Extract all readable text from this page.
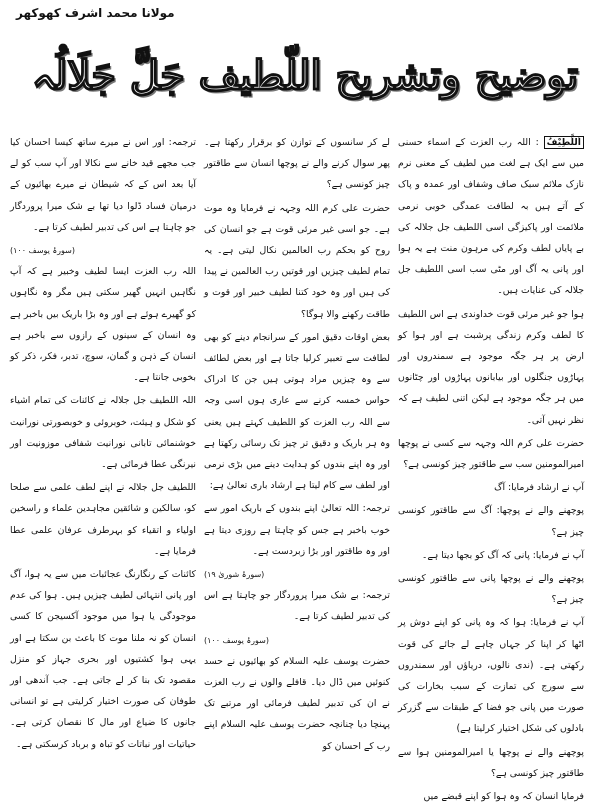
مولانا محمد اشرف کھوکھر
توضیح وتشریح اللّطیف جَلَّ جَلَالُہ

اَللَّطِیْفُ : اللہ رب العزت کے اسماء حسنی میں سے ایک ہے لغت میں لطیف کے معنی نرم نازک ملائم سبک صاف وشفاف اور عمدہ و پاک کے آتے ہیں بہ لطافت عمدگی خوبی نرمی ملائمت اور پاکیزگی اسی اللطیف جل جلالہ کی بے پایاں لطف وکرم کی مرہون منت ہے یہ ہوا اور پانی یہ آگ اور مٹی سب اسی اللطیف جل جلالہ کی عنایات ہیں۔

ہوا جو غیر مرئی قوت خداوندی ہے اس اللطیف کا لطف وکرم زندگی پرشبت ہے اور ہوا کو ارض پر ہر جگہ موجود ہے سمندروں اور پہاڑوں جنگلوں اور بیابانوں پہاڑوں اور چٹانوں میں ہر جگہ موجود ہے لیکن اتنی لطیف ہے کہ نظر نہیں آتی۔

حضرت علی کرم اللہ وجہہ سے کسی نے پوچھا امیرالمومنین سب سے طاقتور چیز کونسی ہے؟

آپ نے ارشاد فرمایا: آگ

پوچھنے والے نے پوچھا: آگ سے طاقتور کونسی چیز ہے؟

آپ نے فرمایا: پانی کہ آگ کو بجھا دیتا ہے۔

پوچھنے والے نے پوچھا پانی سے طاقتور کونسی چیز ہے؟

آپ نے فرمایا: ہوا کہ وہ پانی کو اپنے دوش پر اٹھا کر اپنا کر جہاں چاہے لے جائے کی قوت رکھتی ہے۔ (ندی نالوں، دریاؤں اور سمندروں سے سورج کی تمازت کے سبب بخارات کی صورت میں پانی جو فضا کے طبقات سے گزرکر بادلوں کی شکل اختیار کرلیتا ہے)

پوچھنے والے نے پوچھا یا امیرالمومنین ہوا سے طاقتور چیز کونسی ہے؟

فرمایا انسان کہ وہ ہوا کو اپنے قبضے میں

لے کر سانسوں کے توازن کو برقرار رکھتا ہے۔ پھر سوال کرنے والے نے پوچھا انسان سے طاقتور چیز کونسی ہے؟

حضرت علی کرم اللہ وجہہ نے فرمایا وہ موت ہے۔ جو اسی غیر مرئی قوت ہے جو انسان کی روح کو بحکم رب العالمین نکال لیتی ہے۔ یہ تمام لطیف چیزیں اور قوتیں رب العالمین نے پیدا کی ہیں اور وہ خود کتنا لطیف خبیر اور قوت و طاقت رکھنے والا ہوگا؟

بعض اوقات دقیق امور کے سرانجام دینے کو بھی لطافت سے تعبیر کرلیا جاتا ہے اور بعض لطائف سے وہ چیزیں مراد ہوتی ہیں جن کا ادراک حواس خمسہ کرنے سے عاری ہوں اسی وجہ سے اللہ رب العزت کو اللطیف کہتے ہیں یعنی وہ ہر باریک و دقیق تر چیز تک رسائی رکھتا ہے اور وہ اپنے بندوں کو ہدایت دینے میں بڑی نرمی اور لطف سے کام لیتا ہے ارشاد باری تعالیٰ ہے:

ترجمہ: اللہ تعالیٰ اپنے بندوں کے باریک امور سے خوب باخبر ہے جس کو چاہتا ہے روزی دیتا ہے اور وہ طاقتور اور بڑا زبردست ہے۔

(سورۂ شوریٰ ۱۹)

ترجمہ: بے شک میرا پروردگار جو چاہتا ہے اس کی تدبیر لطیف کرتا ہے۔

(سورۂ یوسف ۱۰۰)

حضرت یوسف علیہ السلام کو بھائیوں نے حسد کنوئیں میں ڈال دیا۔ قافلے والوں نے رب العزت نے ان کی تدبیر لطیف فرمائی اور مرتبے تک پہنچا دیا چنانچہ حضرت یوسف علیہ السلام اپنے رب کے احسان کو

ترجمہ: اور اس نے میرے ساتھ کیسا احسان کیا جب مجھے قید خانے سے نکالا اور آپ سب کو لے آیا بعد اس کے کہ شیطان نے میرے بھائیوں کے درمیان فساد ڈلوا دیا تھا بے شک میرا پروردگار جو چاہتا ہے اس کی تدبیر لطیف کرتا ہے۔

(سورۂ یوسف ۱۰۰)

اللہ رب العزت ایسا لطیف وخبیر ہے کہ آپ نگاہیں انہیں گھیر سکتی ہیں مگر وہ نگاہوں کو گھیرے ہوئے ہے اور وہ بڑا باریک بیں باخبر ہے وہ انسان کے سینوں کے رازوں سے باخبر ہے انسان کے ذہن و گمان، سوچ، تدبر، فکر، ذکر کو بخوبی جانتا ہے۔

اللہ اللطیف جل جلالہ نے کائنات کی تمام اشیاء کو شکل و ہیئت، خوبروئی و خوبصورتی نورانیت خوشنمائی تابانی نورانیت شفافی موزونیت اور نیرنگی عطا فرمائی ہے۔

اللطیف جل جلالہ نے اپنے لطف علمی سے صلحا کو، سالکین و شائقین مجاہدین علماء و راسخین اولیاء و اتقیاء کو بہرطرف عرفان علمی عطا فرمایا ہے۔

کائنات کے رنگارنگ عجائبات میں سے یہ ہوا، آگ اور پانی انتہائی لطیف چیزیں ہیں۔ ہوا کی عدم موجودگی یا ہوا میں موجود آکسیجن کا کسی انسان کو نہ ملنا موت کا باعث بن سکتا ہے اور یہی ہوا کشتیوں اور بحری جہاز کو منزل مقصود تک بنا کر لے جاتی ہے۔ جب آندھی اور طوفان کی صورت اختیار کرلیتی ہے تو انسانی جانوں کا ضیاع اور مال کا نقصان کرتی ہے۔ حیاتیات اور نباتات کو تباہ و برباد کرسکتی ہے۔
